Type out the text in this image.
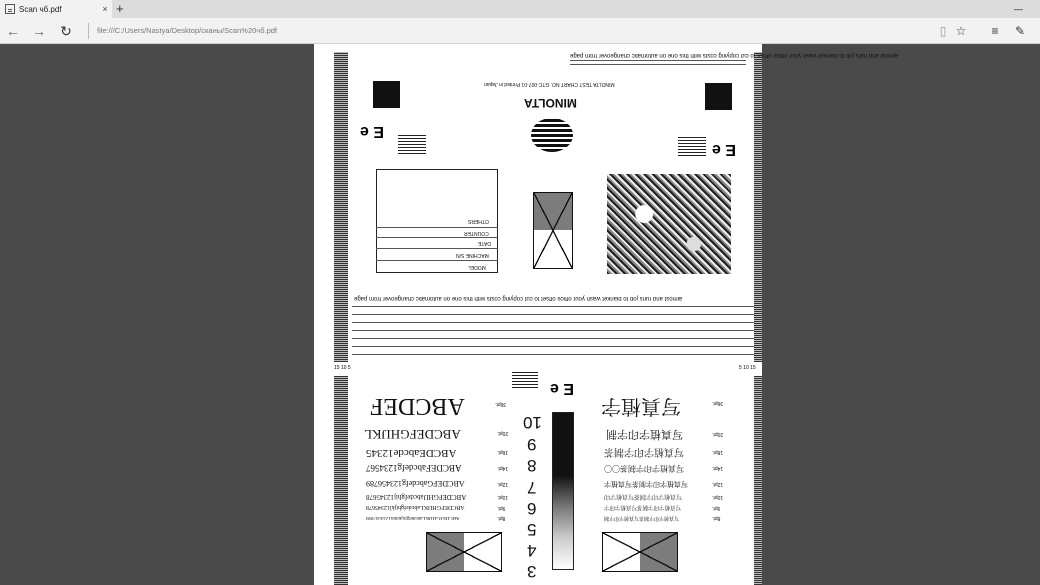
Scan чб.pdf	× +	—
← → ↻	file:///C:/Users/Nastya/Desktop/сканы/Scan%20чб.pdf	▯ ☆	≡	✎
almost and runs job to blanket wash your office offset to cut copying costs with this one on automatic changeover from page
MINOLTA TEST CHART NO. GTC-007-01 Printed in Japan
MINOLTA
E e
E e
MODEL
MACHINE S/N
DATE
COUNTER
OTHERS
almost and runs job to blanket wash your office offset to cut copying costs with this one on automatic changeover from page
15 10 5	5 10 15
E e
ABCDEF	36pt.
ABCDEFGHIJKL	20pt.
ABCDEabcde12345	16pt.
ABCDEFabcdefg1234567	14pt.
ABCDEFGabcdefg123456789	12pt.
ABCDEFGHIJabcdefghij12345678	10pt.
ABCDEFGHIJKLabcdefghijkl12345678	9pt.
ABCDEFGHIJKLabcdefghijklmn1234567890	8pt.
10
9
8
7
6
5
4
3
写真植字	36pt.
写真植字印字制	20pt.
写真植字印字制茶	18pt.
写真植字印字制茶〇〇	14pt.
写真植字印字制茶写真植字	12pt.
写真植字印字制茶写真植字印	10pt.
写真植字印字制茶写真植字印字	9pt.
写真植字印字制茶写真植字印字制	8pt.
